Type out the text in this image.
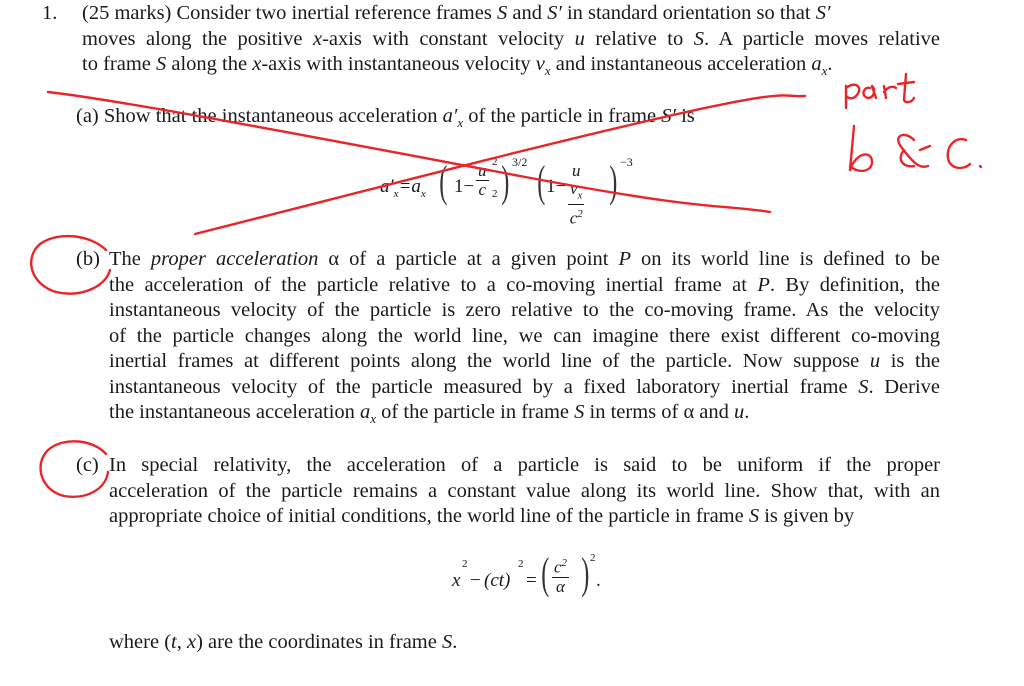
1. (25 marks) Consider two inertial reference frames S and S′ in standard orientation so that S′
moves along the positive x-axis with constant velocity u relative to S. A particle moves relative
to frame S along the x-axis with instantaneous velocity $v_x$ and instantaneous acceleration $a_x$.
(a) Show that the instantaneous acceleration $a'_x$ of the particle in frame S′ is
$a'_x=a_x$ ( $1- \frac{u}{c} 2$
2 ) 3/2 ( $1- \frac{u v_x}{c^2}$ ) −3
(b) The proper acceleration α of a particle at a given point P on its world line is defined to be
the acceleration of the particle relative to a co-moving inertial frame at P. By definition, the
instantaneous velocity of the particle is zero relative to the co-moving frame. As the velocity
of the particle changes along the world line, we can imagine there exist different co-moving
inertial frames at different points along the world line of the particle. Now suppose u is the
instantaneous velocity of the particle measured by a fixed laboratory inertial frame S. Derive
the instantaneous acceleration $a_x$ of the particle in frame S in terms of α and u.
(c) In special relativity, the acceleration of a particle is said to be uniform if the proper
acceleration of the particle remains a constant value along its world line. Show that, with an
appropriate choice of initial conditions, the world line of the particle in frame S is given by
x
2
− (ct)
2
= ( $\frac{c^2}{\alpha}$ ) 2
.
where (t, x) are the coordinates in frame S.
